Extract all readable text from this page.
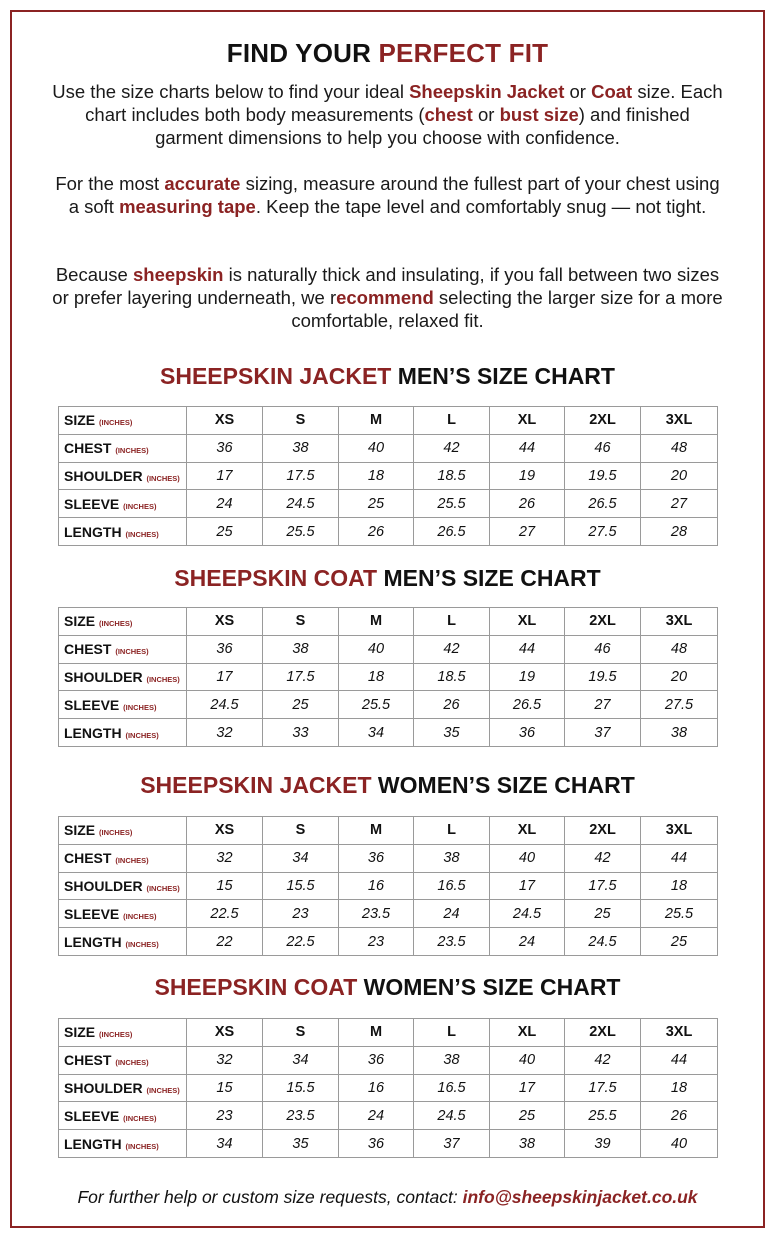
FIND YOUR PERFECT FIT

Use the size charts below to find your ideal Sheepskin Jacket or Coat size. Each chart includes both body measurements (chest or bust size) and finished garment dimensions to help you choose with confidence.

For the most accurate sizing, measure around the fullest part of your chest using a soft measuring tape. Keep the tape level and comfortably snug — not tight.

Because sheepskin is naturally thick and insulating, if you fall between two sizes or prefer layering underneath, we recommend selecting the larger size for a more comfortable, relaxed fit.

SHEEPSKIN JACKET MEN’S SIZE CHART
SIZE (INCHES)	XS	S	M	L	XL	2XL	3XL
CHEST (INCHES)	36	38	40	42	44	46	48
SHOULDER (INCHES)	17	17.5	18	18.5	19	19.5	20
SLEEVE (INCHES)	24	24.5	25	25.5	26	26.5	27
LENGTH (INCHES)	25	25.5	26	26.5	27	27.5	28
SHEEPSKIN COAT MEN’S SIZE CHART
SIZE (INCHES)	XS	S	M	L	XL	2XL	3XL
CHEST (INCHES)	36	38	40	42	44	46	48
SHOULDER (INCHES)	17	17.5	18	18.5	19	19.5	20
SLEEVE (INCHES)	24.5	25	25.5	26	26.5	27	27.5
LENGTH (INCHES)	32	33	34	35	36	37	38
SHEEPSKIN JACKET WOMEN’S SIZE CHART
SIZE (INCHES)	XS	S	M	L	XL	2XL	3XL
CHEST (INCHES)	32	34	36	38	40	42	44
SHOULDER (INCHES)	15	15.5	16	16.5	17	17.5	18
SLEEVE (INCHES)	22.5	23	23.5	24	24.5	25	25.5
LENGTH (INCHES)	22	22.5	23	23.5	24	24.5	25
SHEEPSKIN COAT WOMEN’S SIZE CHART
SIZE (INCHES)	XS	S	M	L	XL	2XL	3XL
CHEST (INCHES)	32	34	36	38	40	42	44
SHOULDER (INCHES)	15	15.5	16	16.5	17	17.5	18
SLEEVE (INCHES)	23	23.5	24	24.5	25	25.5	26
LENGTH (INCHES)	34	35	36	37	38	39	40

For further help or custom size requests, contact: info@sheepskinjacket.co.uk
